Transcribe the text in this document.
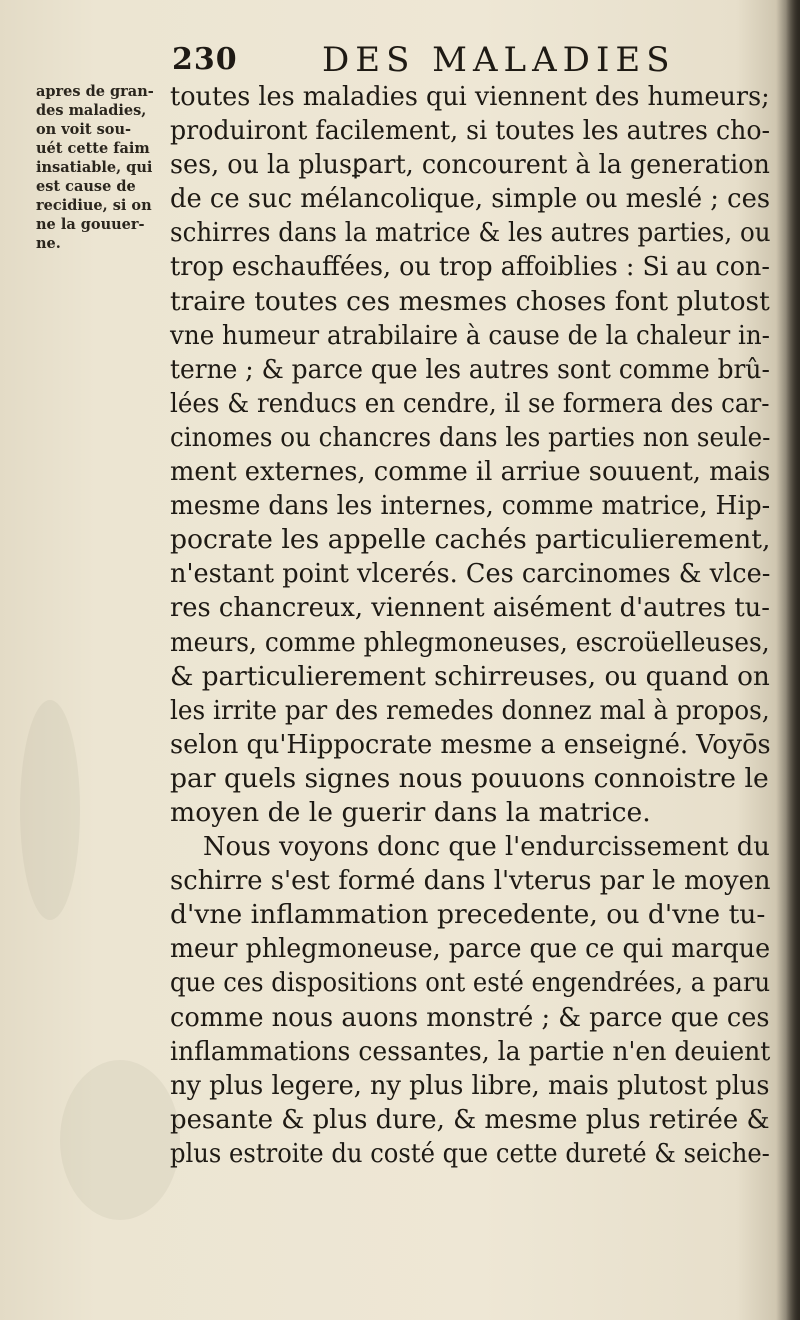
230 DES MALADIES
apres de gran-
des maladies,
on voit sou-
uét cette faim
insatiable, qui
est cause de
recidiue, si on
ne la gouuer-
ne.
toutes les maladies qui viennent des humeurs;
produiront facilement, si toutes les autres cho-
ses, ou la plusꝑart, concourent à la generation
de ce suc mélancolique, simple ou meslé ; ces
schirres dans la matrice & les autres parties, ou
trop eschauffées, ou trop affoiblies : Si au con-
traire toutes ces mesmes choses font plutost
vne humeur atrabilaire à cause de la chaleur in-
terne ; & parce que les autres sont comme brû-
lées & renducs en cendre, il se formera des car-
cinomes ou chancres dans les parties non seule-
ment externes, comme il arriue souuent, mais
mesme dans les internes, comme matrice, Hip-
pocrate les appelle cachés particulierement,
n'estant point vlcerés. Ces carcinomes & vlce-
res chancreux, viennent aisément d'autres tu-
meurs, comme phlegmoneuses, escroüelleuses,
& particulierement schirreuses, ou quand on
les irrite par des remedes donnez mal à propos,
selon qu'Hippocrate mesme a enseigné. Voyōs
par quels signes nous pouuons connoistre le
moyen de le guerir dans la matrice.
Nous voyons donc que l'endurcissement du
schirre s'est formé dans l'vterus par le moyen
d'vne inflammation precedente, ou d'vne tu-
meur phlegmoneuse, parce que ce qui marque
que ces dispositions ont esté engendrées, a paru
comme nous auons monstré ; & parce que ces
inflammations cessantes, la partie n'en deuient
ny plus legere, ny plus libre, mais plutost plus
pesante & plus dure, & mesme plus retirée &
plus estroite du costé que cette dureté & seiche-
